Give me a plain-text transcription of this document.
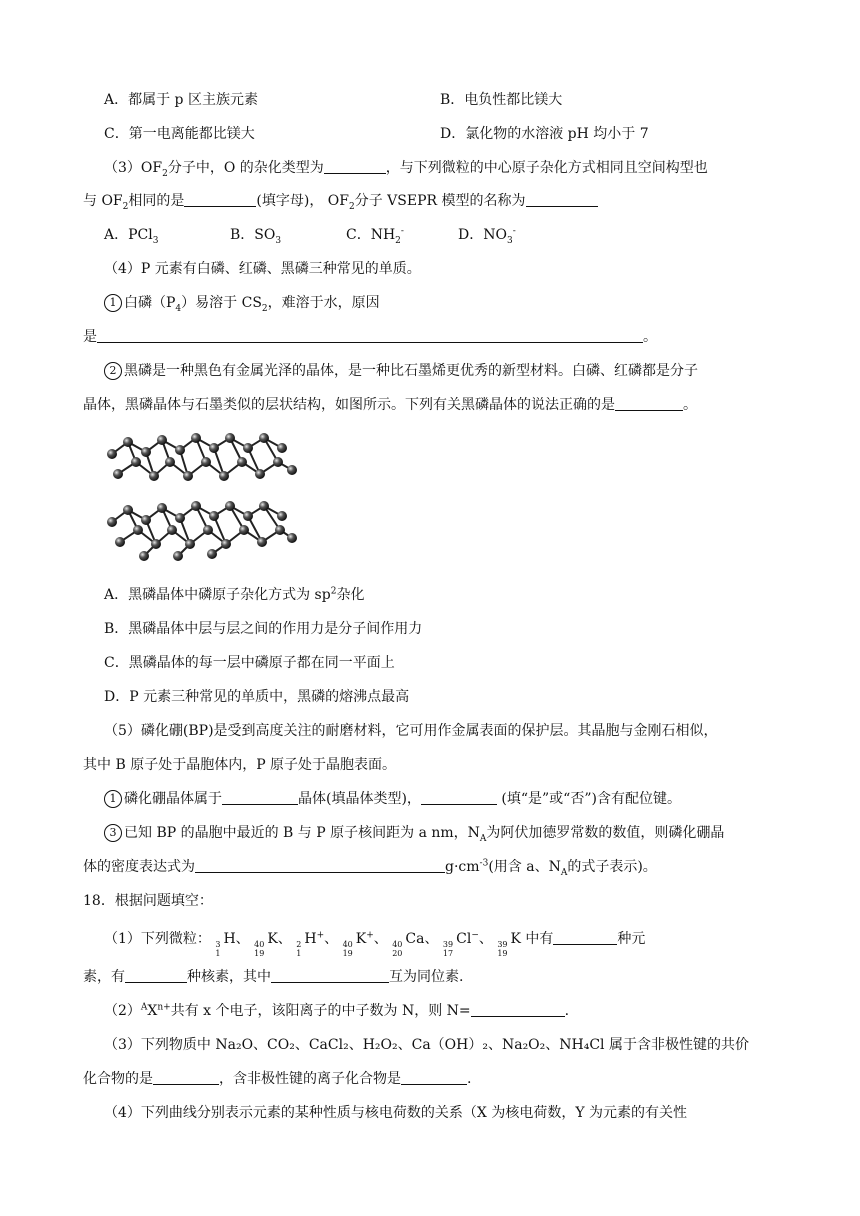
A．都属于 p 区主族元素	B．电负性都比镁大
C．第一电离能都比镁大	D．氯化物的水溶液 pH 均小于 7
$(3)OF_2$分子中，O 的杂化类型为	，与下列微粒的中心原子杂化方式相同且空间构型也
与 $OF_2$相同的是	(填字母)， $OF_2$分子 VSEPR 模型的名称为
A．PCl$_3$	B．$SO_3$	C．$NH_2^-$	D．$NO_3^-$
（4）P 元素有白磷、红磷、黑磷三种常见的单质。
1 白磷$(P_4)$易溶于 $CS_2$，难溶于水，原因
是	。
2 黑磷是一种黑色有金属光泽的晶体，是一种比石墨烯更优秀的新型材料。白磷、红磷都是分子
晶体，黑磷晶体与石墨类似的层状结构，如图所示。下列有关黑磷晶体的说法正确的是	。
A．黑磷晶体中磷原子杂化方式为 $sp^2$杂化
B．黑磷晶体中层与层之间的作用力是分子间作用力
C．黑磷晶体的每一层中磷原子都在同一平面上
D．P 元素三种常见的单质中，黑磷的熔沸点最高
（5）磷化硼(BP)是受到高度关注的耐磨材料，它可用作金属表面的保护层。其晶胞与金刚石相似，
其中 B 原子处于晶胞体内，P 原子处于晶胞表面。
1 磷化硼晶体属于	晶体(填晶体类型)，	(填“是”或“否”)含有配位键。
3 已知 BP 的晶胞中最近的 B 与 P 原子核间距为 a nm，$N_A$为阿伏加德罗常数的数值，则磷化硼晶
体的密度表达式为	$g\cdot cm^{-3}$(用含 a、$N_A$的式子表示)。
18．根据问题填空：
（1）下列微粒： 3
1
H、 40
19
K、 2
1
H+、 40
19
K+、 40
20
Ca、 39
17
Cl−、 39
19
K 中有	种元
素，有	种核素，其中	互为同位素.
$(2)^AX^{n+}$共有 x 个电子，该阳离子的中子数为 N，则 N=	.
（3）下列物质中 Na₂O、CO₂、CaCl₂、H₂O₂、Ca（OH）₂、Na₂O₂、NH₄Cl 属于含非极性键的共价
化合物的是	，含非极性键的离子化合物是	.
（4）下列曲线分别表示元素的某种性质与核电荷数的关系（X 为核电荷数，Y 为元素的有关性
